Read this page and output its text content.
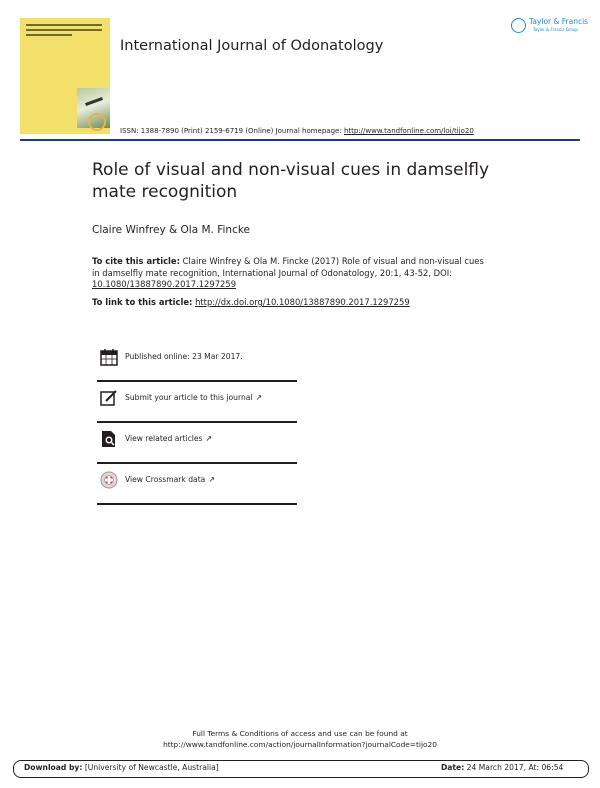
Taylor & Francis
Taylor & Francis Group
International Journal of Odonatology
ISSN: 1388-7890 (Print) 2159-6719 (Online) Journal homepage: http://www.tandfonline.com/loi/tijo20
Role of visual and non-visual cues in damselfly mate recognition
Claire Winfrey & Ola M. Fincke
To cite this article: Claire Winfrey & Ola M. Fincke (2017) Role of visual and non-visual cues in damselfly mate recognition, International Journal of Odonatology, 20:1, 43-52, DOI: 10.1080/13887890.2017.1297259
To link to this article: http://dx.doi.org/10.1080/13887890.2017.1297259
Published online: 23 Mar 2017.
Submit your article to this journal ↗
View related articles ↗
View Crossmark data ↗
Full Terms & Conditions of access and use can be found at
http://www.tandfonline.com/action/journalInformation?journalCode=tijo20
Download by: [University of Newcastle, Australia]	Date: 24 March 2017, At: 06:54
